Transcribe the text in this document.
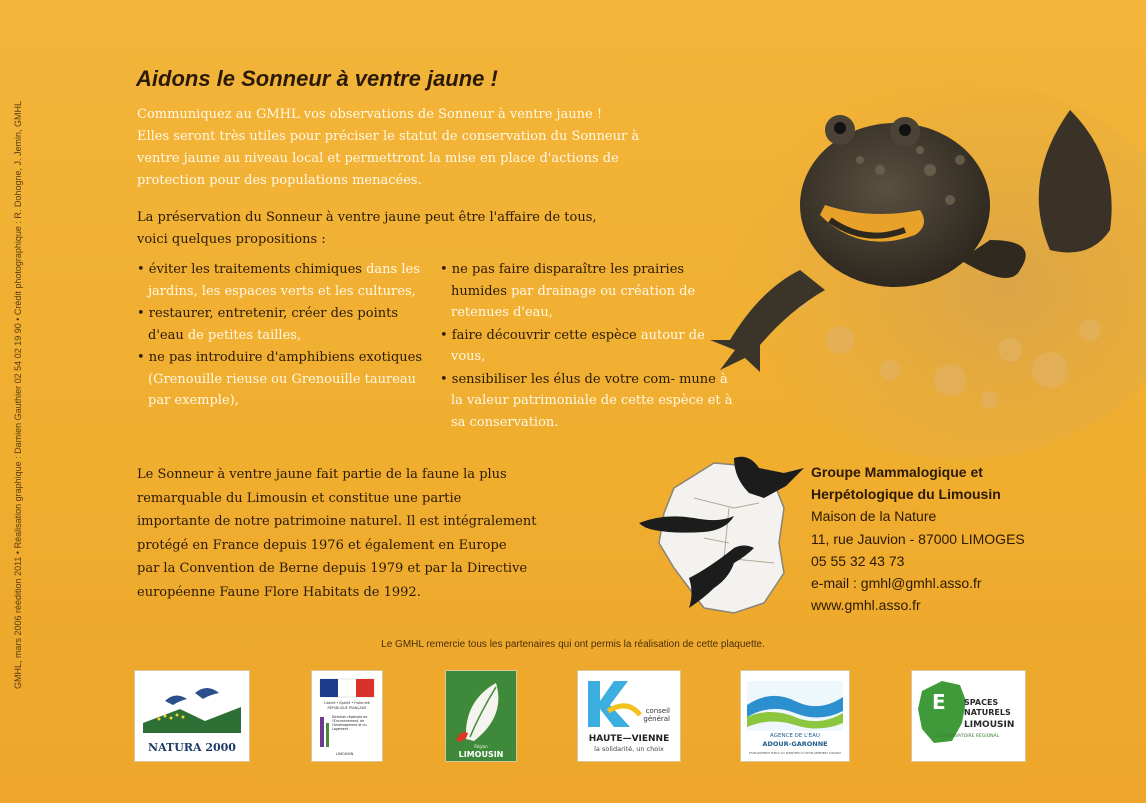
GMHL, mars 2006 réédition 2011 • Réalisation graphique : Damien Gauthier 02 54 02 19 90 • Crédit photographique : R. Dohogne, J. Jemin, GMHL
Aidons le Sonneur à ventre jaune !

Communiquez au GMHL vos observations de Sonneur à ventre jaune !

Elles seront très utiles pour préciser le statut de conservation du Sonneur à

ventre jaune au niveau local et permettront la mise en place d'actions de

protection pour des populations menacées.

La préservation du Sonneur à ventre jaune peut être l'affaire de tous,

voici quelques propositions :

• éviter les traitements chimiques dans les jardins, les espaces verts et les cultures,

• restaurer, entretenir, créer des points d'eau de petites tailles,

• ne pas introduire d'amphibiens exotiques (Grenouille rieuse ou Grenouille taureau par exemple),

• ne pas faire disparaître les prairies humides par drainage ou création de retenues d'eau,

• faire découvrir cette espèce autour de vous,

• sensibiliser les élus de votre com- mune à la valeur patrimoniale de cette espèce et à sa conservation.

Le Sonneur à ventre jaune fait partie de la faune la plus
remarquable du Limousin et constitue une partie
importante de notre patrimoine naturel. Il est intégralement
protégé en France depuis 1976 et également en Europe
par la Convention de Berne depuis 1979 et par la Directive
européenne Faune Flore Habitats de 1992.
Groupe Mammalogique et
Herpétologique du Limousin
Maison de la Nature
11, rue Jauvion - 87000 LIMOGES
05 55 32 43 73
e-mail : gmhl@gmhl.asso.fr
www.gmhl.asso.fr
Le GMHL remercie tous les partenaires qui ont permis la réalisation de cette plaquette.
NATURA 2000
Liberté • Égalité • Fraternité
RÉPUBLIQUE FRANÇAISE
Direction régionale de l'Environnement, de l'Aménagement et du Logement
LIMOUSIN
Région
LIMOUSIN
conseil
général
HAUTE—VIENNE
la solidarité, un choix
AGENCE DE L'EAU
ADOUR-GARONNE
ÉTABLISSEMENT PUBLIC DU MINISTÈRE DU DÉVELOPPEMENT DURABLE
E SPACES
NATURELS
LIMOUSIN
CONSERVATOIRE RÉGIONAL
